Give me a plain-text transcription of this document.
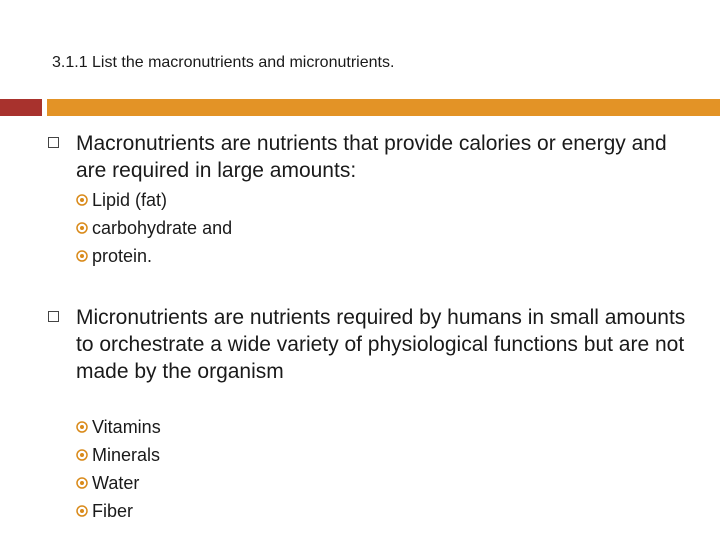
3.1.1 List the macronutrients and micronutrients.
Macronutrients are nutrients that provide calories or energy and are required in large amounts:
Lipid (fat)
carbohydrate and
protein.
Micronutrients are nutrients required by humans in small amounts to orchestrate a wide variety of physiological functions but are not made by the organism
Vitamins
Minerals
Water
Fiber
